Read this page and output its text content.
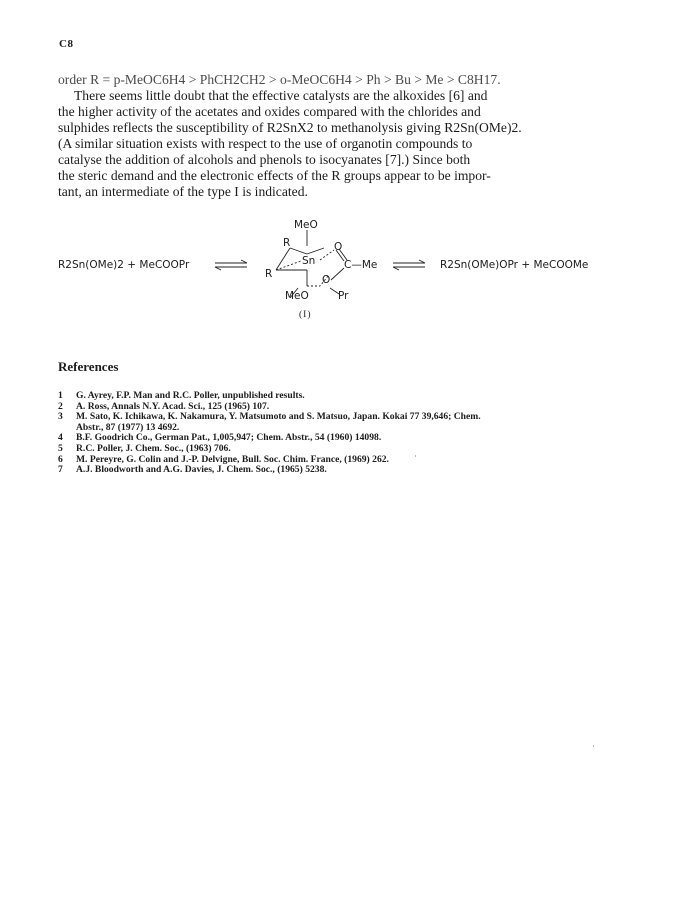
C8
order R = p-MeOC6H4 > PhCH2CH2 > o-MeOC6H4 > Ph > Bu > Me > C8H17.
There seems little doubt that the effective catalysts are the alkoxides [6] and
the higher activity of the acetates and oxides compared with the chlorides and
sulphides reflects the susceptibility of R2SnX2 to methanolysis giving R2Sn(OMe)2.
(A similar situation exists with respect to the use of organotin compounds to
catalyse the addition of alcohols and phenols to isocyanates [7].) Since both
the steric demand and the electronic effects of the R groups appear to be impor-
tant, an intermediate of the type I is indicated.
R2Sn(OMe)2 + MeCOOPr
MeO
R
R
Sn
O
C—Me
O
MeO	Pr
(I)
R2Sn(OMe)OPr + MeCOOMe
References
1 G. Ayrey, F.P. Man and R.C. Poller, unpublished results.
2 A. Ross, Annals N.Y. Acad. Sci., 125 (1965) 107.
3 M. Sato, K. Ichikawa, K. Nakamura, Y. Matsumoto and S. Matsuo, Japan. Kokai 77 39,646; Chem.
Abstr., 87 (1977) 13 4692.
4 B.F. Goodrich Co., German Pat., 1,005,947; Chem. Abstr., 54 (1960) 14098.
5 R.C. Poller, J. Chem. Soc., (1963) 706.
6 M. Pereyre, G. Colin and J.-P. Delvigne, Bull. Soc. Chim. France, (1969) 262.
7 A.J. Bloodworth and A.G. Davies, J. Chem. Soc., (1965) 5238.
